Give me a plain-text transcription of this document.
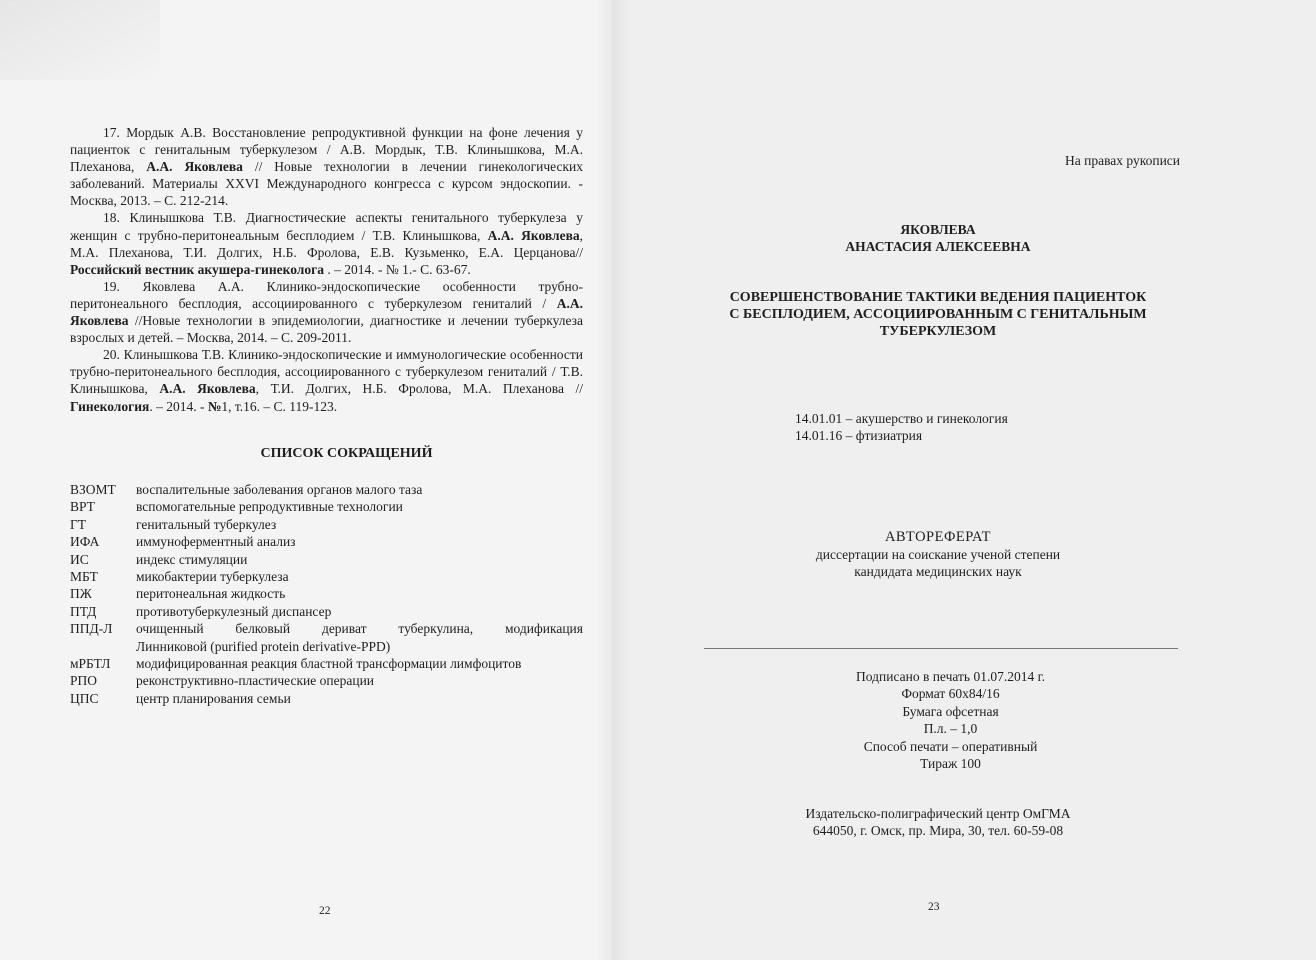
17. Мордык А.В. Восстановление репродуктивной функции на фоне лечения у пациенток с генитальным туберкулезом / А.В. Мордык, Т.В. Клинышкова, М.А. Плеханова, А.А. Яковлева // Новые технологии в лечении гинекологических заболеваний. Материалы XXVI Международного конгресса с курсом эндоскопии. - Москва, 2013. – С. 212-214.

18. Клинышкова Т.В. Диагностические аспекты генитального туберкулеза у женщин с трубно-перитонеальным бесплодием / Т.В. Клинышкова, А.А. Яковлева, М.А. Плеханова, Т.И. Долгих, Н.Б. Фролова, Е.В. Кузьменко, Е.А. Церцанова// Российский вестник акушера-гинеколога . – 2014. - № 1.- С. 63-67.

19. Яковлева А.А. Клинико-эндоскопические особенности трубно-перитонеального бесплодия, ассоциированного с туберкулезом гениталий / А.А. Яковлева //Новые технологии в эпидемиологии, диагностике и лечении туберкулеза взрослых и детей. – Москва, 2014. – С. 209-2011.

20. Клинышкова Т.В. Клинико-эндоскопические и иммунологические особенности трубно-перитонеального бесплодия, ассоциированного с туберкулезом гениталий / Т.В. Клинышкова, А.А. Яковлева, Т.И. Долгих, Н.Б. Фролова, М.А. Плеханова // Гинекология. – 2014. - №1, т.16. – С. 119-123.

СПИСОК СОКРАЩЕНИЙ
ВЗОМТ	воспалительные заболевания органов малого таза
ВРТ	вспомогательные репродуктивные технологии
ГТ	генитальный туберкулез
ИФА	иммуноферментный анализ
ИС	индекс стимуляции
МБТ	микобактерии туберкулеза
ПЖ	перитонеальная жидкость
ПТД	противотуберкулезный диспансер
ППД-Л	очищенный белковый дериват туберкулина, модификация
Линниковой (purified protein derivative-PPD)
мРБТЛ	модифицированная реакция бластной трансформации лимфоцитов
РПО	реконструктивно-пластические операции
ЦПС	центр планирования семьи
22

На правах рукописи

ЯКОВЛЕВА
АНАСТАСИЯ АЛЕКСЕЕВНА
СОВЕРШЕНСТВОВАНИЕ ТАКТИКИ ВЕДЕНИЯ ПАЦИЕНТОК
С БЕСПЛОДИЕМ, АССОЦИИРОВАННЫМ С ГЕНИТАЛЬНЫМ
ТУБЕРКУЛЕЗОМ
14.01.01 – акушерство и гинекология
14.01.16 – фтизиатрия
АВТОРЕФЕРАТ
диссертации на соискание ученой степени
кандидата медицинских наук
Подписано в печать 01.07.2014 г.
Формат 60х84/16
Бумага офсетная
П.л. – 1,0
Способ печати – оперативный
Тираж 100
Издательско-полиграфический центр ОмГМА
644050, г. Омск, пр. Мира, 30, тел. 60-59-08
23
